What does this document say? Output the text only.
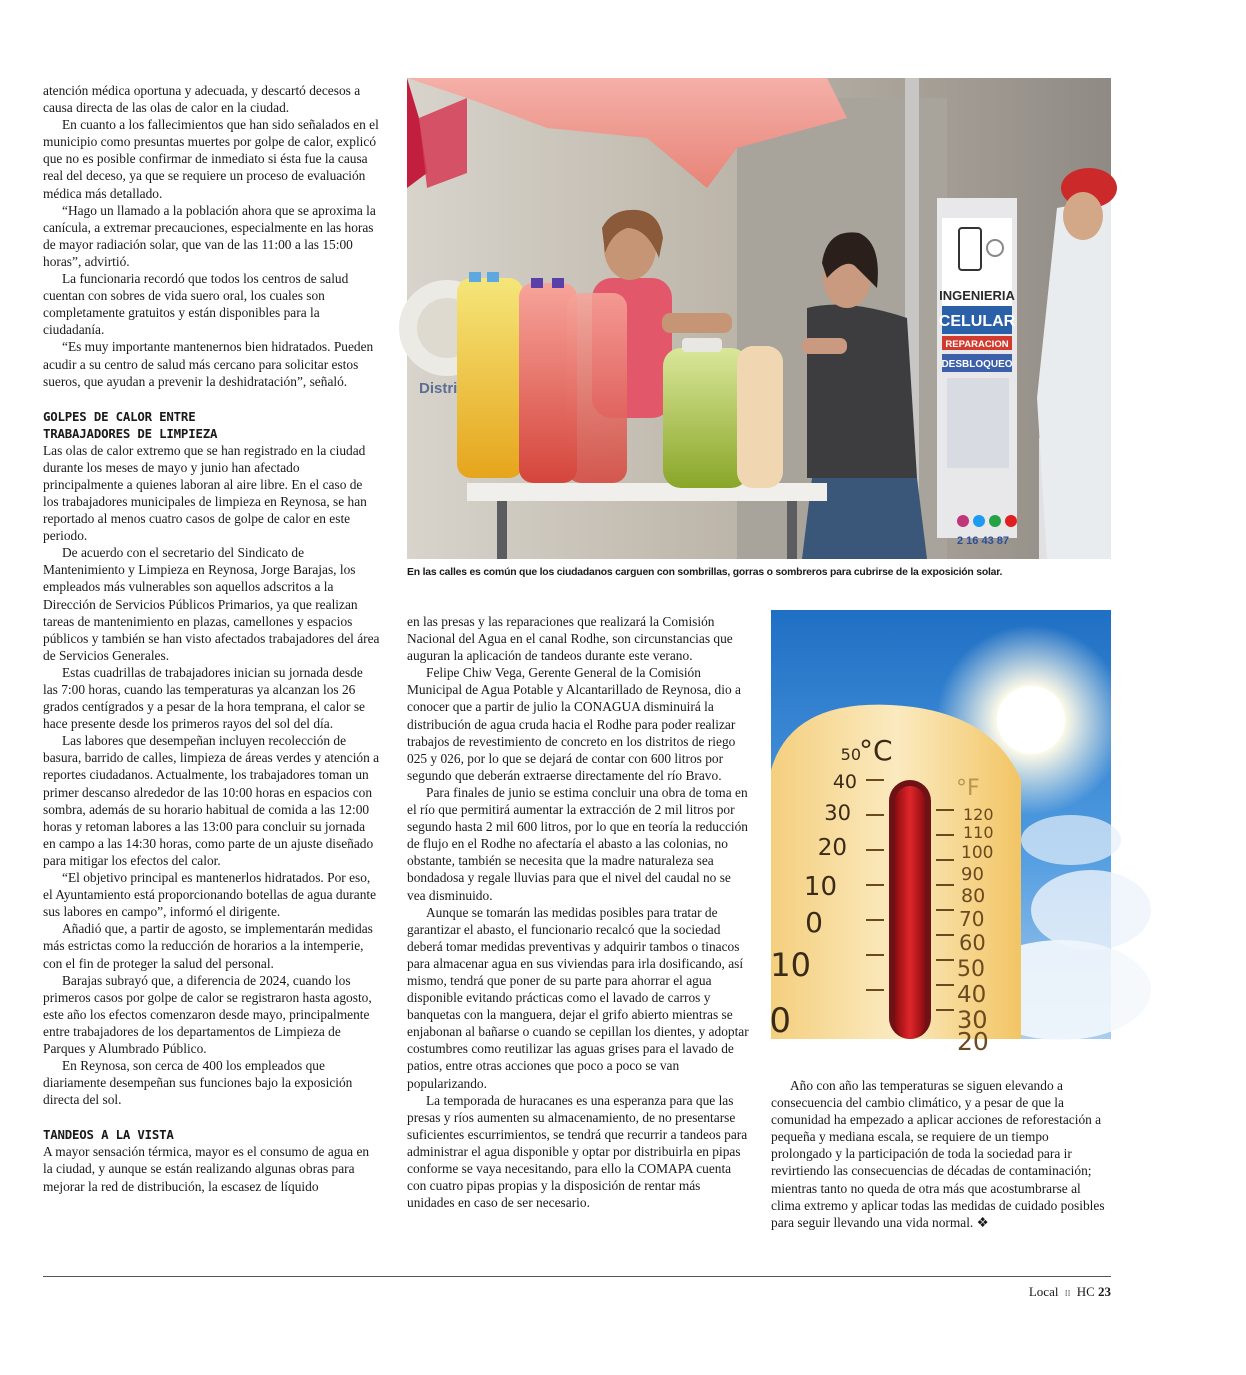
atención médica oportuna y adecuada, y descartó decesos a causa directa de las olas de calor en la ciudad.

En cuanto a los fallecimientos que han sido señalados en el municipio como presuntas muertes por golpe de calor, explicó que no es posible confirmar de inmediato si ésta fue la causa real del deceso, ya que se requiere un proceso de evaluación médica más detallado.

“Hago un llamado a la población ahora que se aproxima la canícula, a extremar precauciones, especialmente en las horas de mayor radiación solar, que van de las 11:00 a las 15:00 horas”, advirtió.

La funcionaria recordó que todos los centros de salud cuentan con sobres de vida suero oral, los cuales son completamente gratuitos y están disponibles para la ciudadanía.

“Es muy importante mantenernos bien hidratados. Pueden acudir a su centro de salud más cercano para solicitar estos sueros, que ayudan a prevenir la deshidratación”, señaló.

GOLPES DE CALOR ENTRE
TRABAJADORES DE LIMPIEZA

Las olas de calor extremo que se han registrado en la ciudad durante los meses de mayo y junio han afectado principalmente a quienes laboran al aire libre. En el caso de los trabajadores municipales de limpieza en Reynosa, se han reportado al menos cuatro casos de golpe de calor en este periodo.

De acuerdo con el secretario del Sindicato de Mantenimiento y Limpieza en Reynosa, Jorge Barajas, los empleados más vulnerables son aquellos adscritos a la Dirección de Servicios Públicos Primarios, ya que realizan tareas de mantenimiento en plazas, camellones y espacios públicos y también se han visto afectados trabajadores del área de Servicios Generales.

Estas cuadrillas de trabajadores inician su jornada desde las 7:00 horas, cuando las temperaturas ya alcanzan los 26 grados centígrados y a pesar de la hora temprana, el calor se hace presente desde los primeros rayos del sol del día.

Las labores que desempeñan incluyen recolección de basura, barrido de calles, limpieza de áreas verdes y atención a reportes ciudadanos. Actualmente, los trabajadores toman un primer descanso alrededor de las 10:00 horas en espacios con sombra, además de su horario habitual de comida a las 12:00 horas y retoman labores a las 13:00 para concluir su jornada en campo a las 14:30 horas, como parte de un ajuste diseñado para mitigar los efectos del calor.

“El objetivo principal es mantenerlos hidratados. Por eso, el Ayuntamiento está proporcionando botellas de agua durante sus labores en campo”, informó el dirigente.

Añadió que, a partir de agosto, se implementarán medidas más estrictas como la reducción de horarios a la intemperie, con el fin de proteger la salud del personal.

Barajas subrayó que, a diferencia de 2024, cuando los primeros casos por golpe de calor se registraron hasta agosto, este año los efectos comenzaron desde mayo, principalmente entre trabajadores de los departamentos de Limpieza de Parques y Alumbrado Público.

En Reynosa, son cerca de 400 los empleados que diariamente desempeñan sus funciones bajo la exposición directa del sol.

TANDEOS A LA VISTA

A mayor sensación térmica, mayor es el consumo de agua en la ciudad, y aunque se están realizando algunas obras para mejorar la red de distribución, la escasez de líquido

INGENIERIA
CELULAR
REPARACION
DESBLOQUEO
2 16 43 87
Distri
En las calles es común que los ciudadanos carguen con sombrillas, gorras o sombreros para cubrirse de la exposición solar.

en las presas y las reparaciones que realizará la Comisión Nacional del Agua en el canal Rodhe, son circunstancias que auguran la aplicación de tandeos durante este verano.

Felipe Chiw Vega, Gerente General de la Comisión Municipal de Agua Potable y Alcantarillado de Reynosa, dio a conocer que a partir de julio la CONAGUA disminuirá la distribución de agua cruda hacia el Rodhe para poder realizar trabajos de revestimiento de concreto en los distritos de riego 025 y 026, por lo que se dejará de contar con 600 litros por segundo que deberán extraerse directamente del río Bravo.

Para finales de junio se estima concluir una obra de toma en el río que permitirá aumentar la extracción de 2 mil litros por segundo hasta 2 mil 600 litros, por lo que en teoría la reducción de flujo en el Rodhe no afectaría el abasto a las colonias, no obstante, también se necesita que la madre naturaleza sea bondadosa y regale lluvias para que el nivel del caudal no se vea disminuido.

Aunque se tomarán las medidas posibles para tratar de garantizar el abasto, el funcionario recalcó que la sociedad deberá tomar medidas preventivas y adquirir tambos o tinacos para almacenar agua en sus viviendas para irla dosificando, así mismo, tendrá que poner de su parte para ahorrar el agua disponible evitando prácticas como el lavado de carros y banquetas con la manguera, dejar el grifo abierto mientras se enjabonan al bañarse o cuando se cepillan los dientes, y adoptar costumbres como reutilizar las aguas grises para el lavado de patios, entre otras acciones que poco a poco se van popularizando.

La temporada de huracanes es una esperanza para que las presas y ríos aumenten su almacenamiento, de no presentarse suficientes escurrimientos, se tendrá que recurrir a tandeos para administrar el agua disponible y optar por distribuirla en pipas conforme se vaya necesitando, para ello la COMAPA cuenta con cuatro pipas propias y la disposición de rentar más unidades en caso de ser necesario.

°C
°F
50
40
30
20
10
0
10
0
120
110
100
90
80
70
60
50
40
30
20

Año con año las temperaturas se siguen elevando a consecuencia del cambio climático, y a pesar de que la comunidad ha empezado a aplicar acciones de reforestación a pequeña y mediana escala, se requiere de un tiempo prolongado y la participación de toda la sociedad para ir revirtiendo las consecuencias de décadas de contaminación; mientras tanto no queda de otra más que acostumbrarse al clima extremo y aplicar todas las medidas de cuidado posibles para seguir llevando una vida normal. ❖

Local ⁞⁞ HC 23
